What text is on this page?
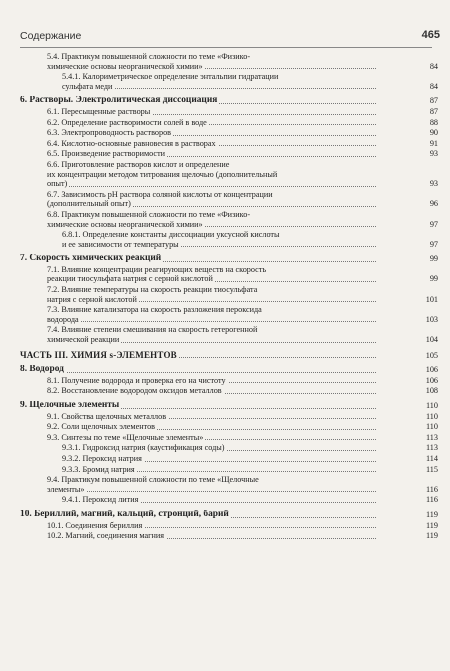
Содержание	465
5.4. Практикум повышенной сложности по теме «Физико-
химические основы неорганической химии»	84
5.4.1. Калориметрическое определение энтальпии гидратации
сульфата меди	84
6. Растворы. Электролитическая диссоциация	87
6.1. Пересыщенные растворы	87
6.2. Определение растворимости солей в воде	88
6.3. Электропроводность растворов	90
6.4. Кислотно-основные равновесия в растворах	91
6.5. Произведение растворимости	93
6.6. Приготовление растворов кислот и определение
их концентрации методом титрования щелочью (дополнительный
опыт)	93
6.7. Зависимость pH раствора соляной кислоты от концентрации
(дополнительный опыт)	96
6.8. Практикум повышенной сложности по теме «Физико-
химические основы неорганической химии»	97
6.8.1. Определение константы диссоциации уксусной кислоты
и ее зависимости от температуры	97
7. Скорость химических реакций	99
7.1. Влияние концентрации реагирующих веществ на скорость
реакции тиосульфата натрия с серной кислотой	99
7.2. Влияние температуры на скорость реакции тиосульфата
натрия с серной кислотой	101
7.3. Влияние катализатора на скорость разложения пероксида
водорода	103
7.4. Влияние степени смешивания на скорость гетерогенной
химической реакции	104
ЧАСТЬ III. ХИМИЯ s-ЭЛЕМЕНТОВ	105
8. Водород	106
8.1. Получение водорода и проверка его на чистоту	106
8.2. Восстановление водородом оксидов металлов	108
9. Щелочные элементы	110
9.1. Свойства щелочных металлов	110
9.2. Соли щелочных элементов	110
9.3. Синтезы по теме «Щелочные элементы»	113
9.3.1. Гидроксид натрия (каустификация соды)	113
9.3.2. Пероксид натрия	114
9.3.3. Бромид натрия	115
9.4. Практикум повышенной сложности по теме «Щелочные
элементы»	116
9.4.1. Пероксид лития	116
10. Бериллий, магний, кальций, стронций, барий	119
10.1. Соединения бериллия	119
10.2. Магний, соединения магния	119
